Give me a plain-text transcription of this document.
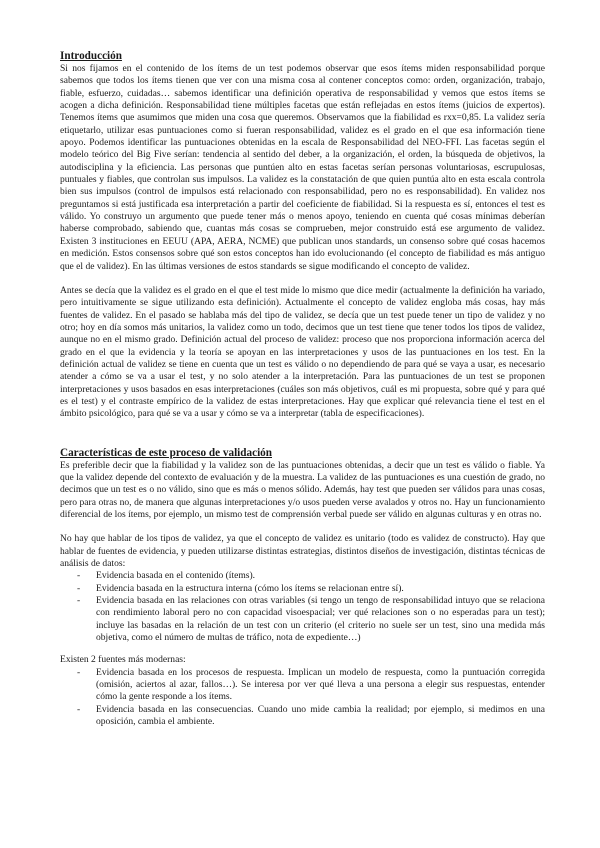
Introducción

Si nos fijamos en el contenido de los ítems de un test podemos observar que esos ítems miden responsabilidad porque sabemos que todos los ítems tienen que ver con una misma cosa al contener conceptos como: orden, organización, trabajo, fiable, esfuerzo, cuidadas… sabemos identificar una definición operativa de responsabilidad y vemos que estos ítems se acogen a dicha definición. Responsabilidad tiene múltiples facetas que están reflejadas en estos ítems (juicios de expertos). Tenemos ítems que asumimos que miden una cosa que queremos. Observamos que la fiabilidad es rxx=0,85. La validez sería etiquetarlo, utilizar esas puntuaciones como si fueran responsabilidad, validez es el grado en el que esa información tiene apoyo. Podemos identificar las puntuaciones obtenidas en la escala de Responsabilidad del NEO-FFI. Las facetas según el modelo teórico del Big Five serían: tendencia al sentido del deber, a la organización, el orden, la búsqueda de objetivos, la autodisciplina y la eficiencia. Las personas que puntúen alto en estas facetas serían personas voluntariosas, escrupulosas, puntuales y fiables, que controlan sus impulsos. La validez es la constatación de que quien puntúa alto en esta escala controla bien sus impulsos (control de impulsos está relacionado con responsabilidad, pero no es responsabilidad). En validez nos preguntamos si está justificada esa interpretación a partir del coeficiente de fiabilidad. Si la respuesta es sí, entonces el test es válido. Yo construyo un argumento que puede tener más o menos apoyo, teniendo en cuenta qué cosas mínimas deberían haberse comprobado, sabiendo que, cuantas más cosas se comprueben, mejor construido está ese argumento de validez. Existen 3 instituciones en EEUU (APA, AERA, NCME) que publican unos standards, un consenso sobre qué cosas hacemos en medición. Estos consensos sobre qué son estos conceptos han ido evolucionando (el concepto de fiabilidad es más antiguo que el de validez). En las últimas versiones de estos standards se sigue modificando el concepto de validez.

Antes se decía que la validez es el grado en el que el test mide lo mismo que dice medir (actualmente la definición ha variado, pero intuitivamente se sigue utilizando esta definición). Actualmente el concepto de validez engloba más cosas, hay más fuentes de validez. En el pasado se hablaba más del tipo de validez, se decía que un test puede tener un tipo de validez y no otro; hoy en día somos más unitarios, la validez como un todo, decimos que un test tiene que tener todos los tipos de validez, aunque no en el mismo grado. Definición actual del proceso de validez: proceso que nos proporciona información acerca del grado en el que la evidencia y la teoría se apoyan en las interpretaciones y usos de las puntuaciones en los test. En la definición actual de validez se tiene en cuenta que un test es válido o no dependiendo de para qué se vaya a usar, es necesario atender a cómo se va a usar el test, y no solo atender a la interpretación. Para las puntuaciones de un test se proponen interpretaciones y usos basados en esas interpretaciones (cuáles son más objetivos, cuál es mi propuesta, sobre qué y para qué es el test) y el contraste empírico de la validez de estas interpretaciones. Hay que explicar qué relevancia tiene el test en el ámbito psicológico, para qué se va a usar y cómo se va a interpretar (tabla de especificaciones).

Características de este proceso de validación

Es preferible decir que la fiabilidad y la validez son de las puntuaciones obtenidas, a decir que un test es válido o fiable. Ya que la validez depende del contexto de evaluación y de la muestra. La validez de las puntuaciones es una cuestión de grado, no decimos que un test es o no válido, sino que es más o menos sólido. Además, hay test que pueden ser válidos para unas cosas, pero para otras no, de manera que algunas interpretaciones y/o usos pueden verse avalados y otros no. Hay un funcionamiento diferencial de los ítems, por ejemplo, un mismo test de comprensión verbal puede ser válido en algunas culturas y en otras no.

No hay que hablar de los tipos de validez, ya que el concepto de validez es unitario (todo es validez de constructo). Hay que hablar de fuentes de evidencia, y pueden utilizarse distintas estrategias, distintos diseños de investigación, distintas técnicas de análisis de datos:

- Evidencia basada en el contenido (ítems).
- Evidencia basada en la estructura interna (cómo los ítems se relacionan entre sí).
- Evidencia basada en las relaciones con otras variables (si tengo un tengo de responsabilidad intuyo que se relaciona con rendimiento laboral pero no con capacidad visoespacial; ver qué relaciones son o no esperadas para un test); incluye las basadas en la relación de un test con un criterio (el criterio no suele ser un test, sino una medida más objetiva, como el número de multas de tráfico, nota de expediente…)

Existen 2 fuentes más modernas:

- Evidencia basada en los procesos de respuesta. Implican un modelo de respuesta, como la puntuación corregida (omisión, aciertos al azar, fallos…). Se interesa por ver qué lleva a una persona a elegir sus respuestas, entender cómo la gente responde a los ítems.
- Evidencia basada en las consecuencias. Cuando uno mide cambia la realidad; por ejemplo, si medimos en una oposición, cambia el ambiente.
